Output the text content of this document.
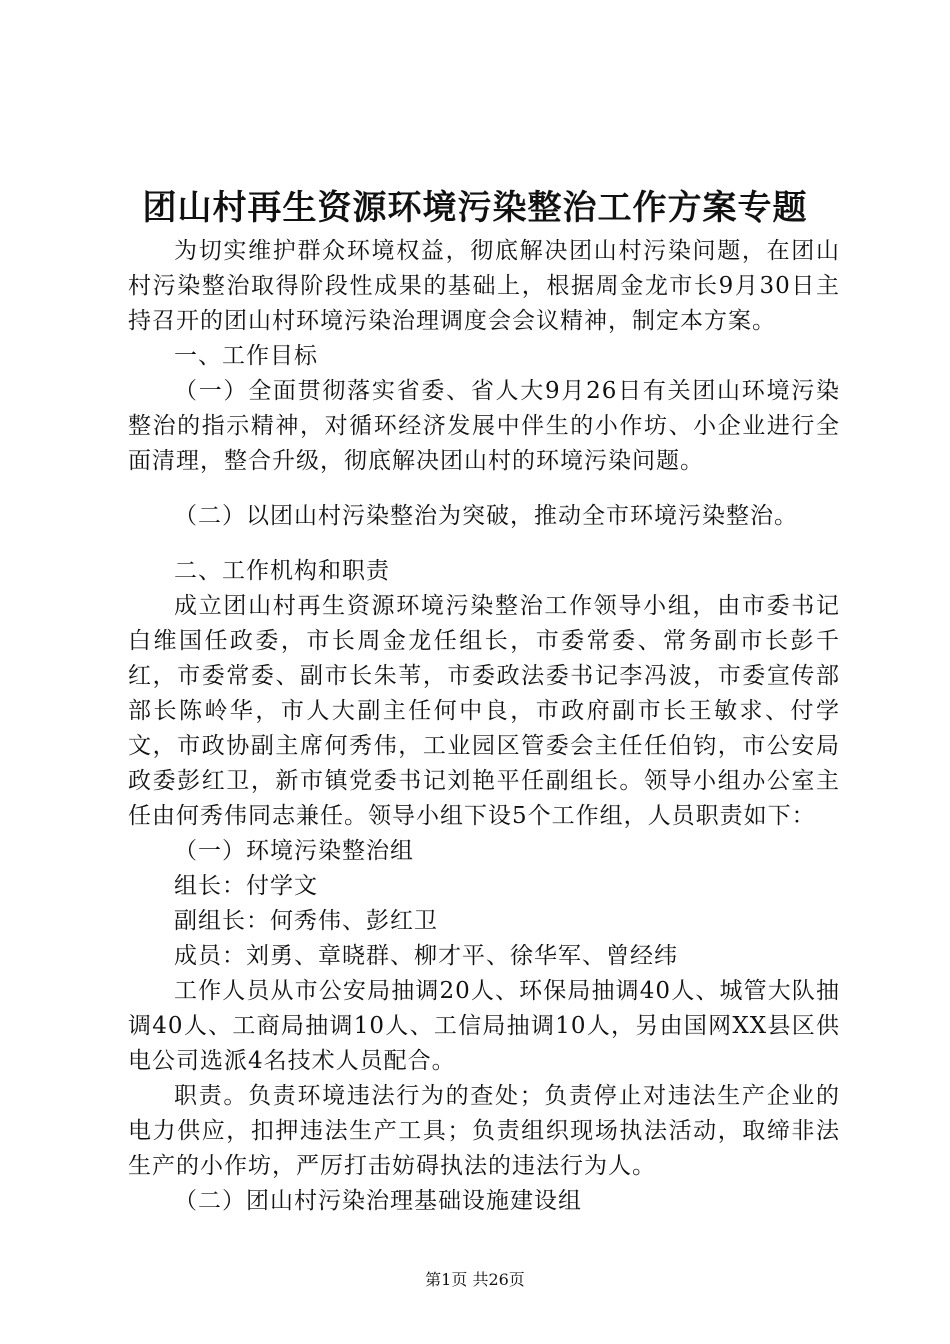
团山村再生资源环境污染整治工作方案专题

为切实维护群众环境权益，彻底解决团山村污染问题，在团山村污染整治取得阶段性成果的基础上，根据周金龙市长9月30日主持召开的团山村环境污染治理调度会会议精神，制定本方案。

一、工作目标

（一）全面贯彻落实省委、省人大9月26日有关团山环境污染整治的指示精神，对循环经济发展中伴生的小作坊、小企业进行全面清理，整合升级，彻底解决团山村的环境污染问题。

（二）以团山村污染整治为突破，推动全市环境污染整治。

二、工作机构和职责

成立团山村再生资源环境污染整治工作领导小组，由市委书记白维国任政委，市长周金龙任组长，市委常委、常务副市长彭千红，市委常委、副市长朱苇，市委政法委书记李冯波，市委宣传部部长陈岭华，市人大副主任何中良，市政府副市长王敏求、付学文，市政协副主席何秀伟，工业园区管委会主任任伯钧，市公安局政委彭红卫，新市镇党委书记刘艳平任副组长。领导小组办公室主任由何秀伟同志兼任。领导小组下设5个工作组，人员职责如下：

（一）环境污染整治组

组长：付学文

副组长：何秀伟、彭红卫

成员：刘勇、章晓群、柳才平、徐华军、曾经纬

工作人员从市公安局抽调20人、环保局抽调40人、城管大队抽调40人、工商局抽调10人、工信局抽调10人，另由国网XX县区供电公司选派4名技术人员配合。

职责。负责环境违法行为的查处；负责停止对违法生产企业的电力供应，扣押违法生产工具；负责组织现场执法活动，取缔非法生产的小作坊，严厉打击妨碍执法的违法行为人。

（二）团山村污染治理基础设施建设组

第1页 共26页
